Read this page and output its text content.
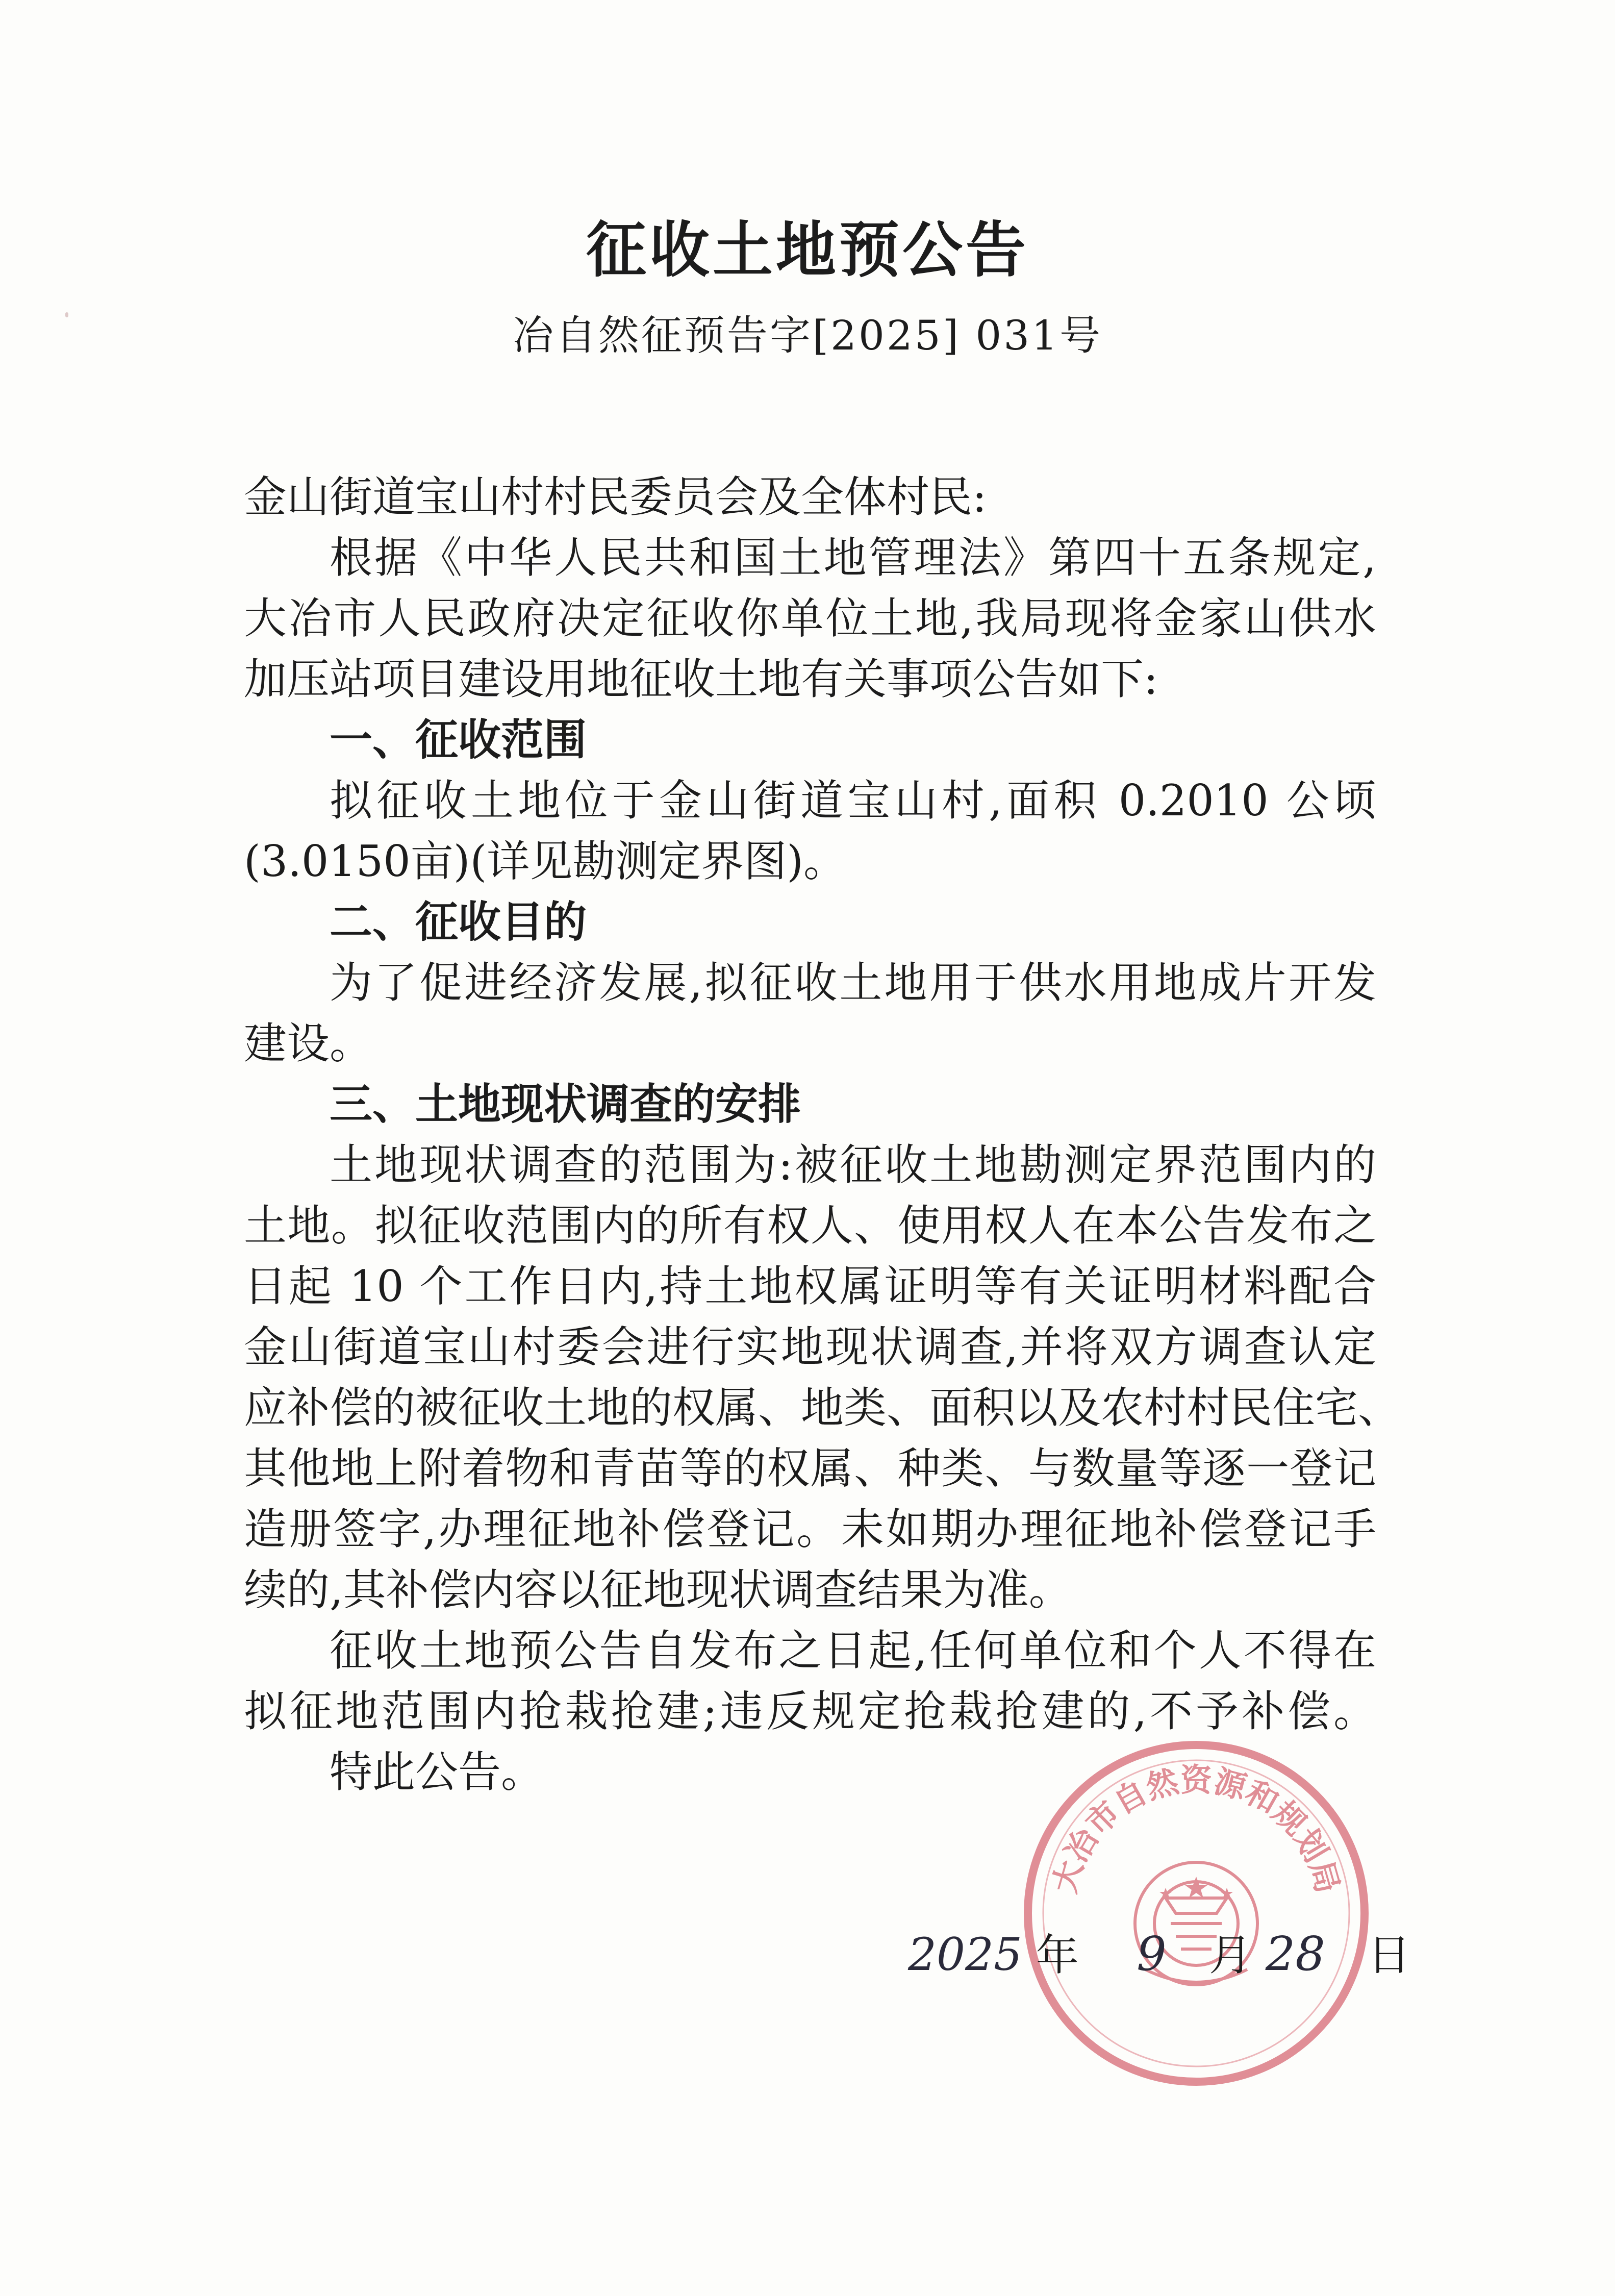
征收土地预公告
冶自然征预告字[2025] 031号
金山街道宝山村村民委员会及全体村民:
根据《中华人民共和国土地管理法》第四十五条规定,
大冶市人民政府决定征收你单位土地,我局现将金家山供水
加压站项目建设用地征收土地有关事项公告如下:
一、征收范围
拟征收土地位于金山街道宝山村,面积 0.2010 公顷
(3.0150亩)(详见勘测定界图)。
二、征收目的
为了促进经济发展,拟征收土地用于供水用地成片开发
建设。
三、土地现状调查的安排
土地现状调查的范围为:被征收土地勘测定界范围内的
土地。拟征收范围内的所有权人、使用权人在本公告发布之
日起 10 个工作日内,持土地权属证明等有关证明材料配合
金山街道宝山村委会进行实地现状调查,并将双方调查认定
应补偿的被征收土地的权属、地类、面积以及农村村民住宅、
其他地上附着物和青苗等的权属、种类、与数量等逐一登记
造册签字,办理征地补偿登记。未如期办理征地补偿登记手
续的,其补偿内容以征地现状调查结果为准。
征收土地预公告自发布之日起,任何单位和个人不得在
拟征地范围内抢栽抢建;违反规定抢栽抢建的,不予补偿。
特此公告。
大冶市自然资源和规划局
2025 年 9 月 28 日
